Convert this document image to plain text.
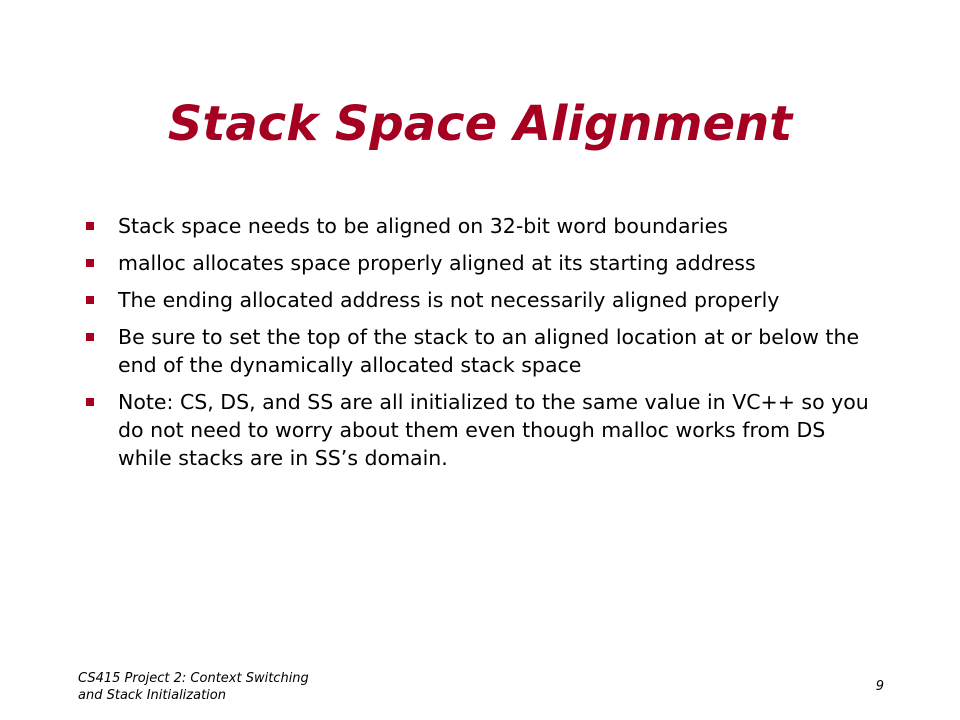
Stack Space Alignment
Stack space needs to be aligned on 32-bit word boundaries
malloc allocates space properly aligned at its starting address
The ending allocated address is not necessarily aligned properly
Be sure to set the top of the stack to an aligned location at or below the end of the dynamically allocated stack space
Note: CS, DS, and SS are all initialized to the same value in VC++ so you do not need to worry about them even though malloc works from DS while stacks are in SS’s domain.
CS415 Project 2: Context Switching
and Stack Initialization
9
